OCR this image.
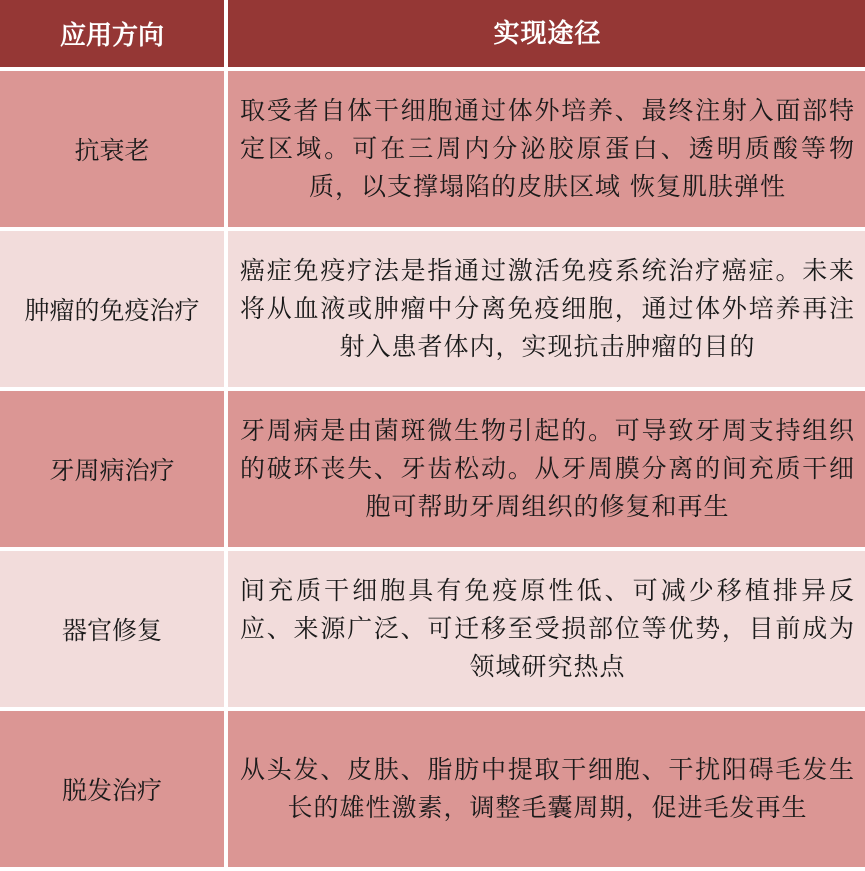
应用方向	实现途径
抗衰老
取受者自体干细胞通过体外培养、最终注射入面部特定区域。可在三周内分泌胶原蛋白、透明质酸等物质，以支撑塌陷的皮肤区域 恢复肌肤弹性
肿瘤的免疫治疗
癌症免疫疗法是指通过激活免疫系统治疗癌症。未来将从血液或肿瘤中分离免疫细胞，通过体外培养再注射入患者体内，实现抗击肿瘤的目的
牙周病治疗
牙周病是由菌斑微生物引起的。可导致牙周支持组织的破环丧失、牙齿松动。从牙周膜分离的间充质干细胞可帮助牙周组织的修复和再生
器官修复
间充质干细胞具有免疫原性低、可减少移植排异反应、来源广泛、可迁移至受损部位等优势，目前成为领域研究热点
脱发治疗
从头发、皮肤、脂肪中提取干细胞、干扰阳碍毛发生长的雄性激素，调整毛囊周期，促进毛发再生
